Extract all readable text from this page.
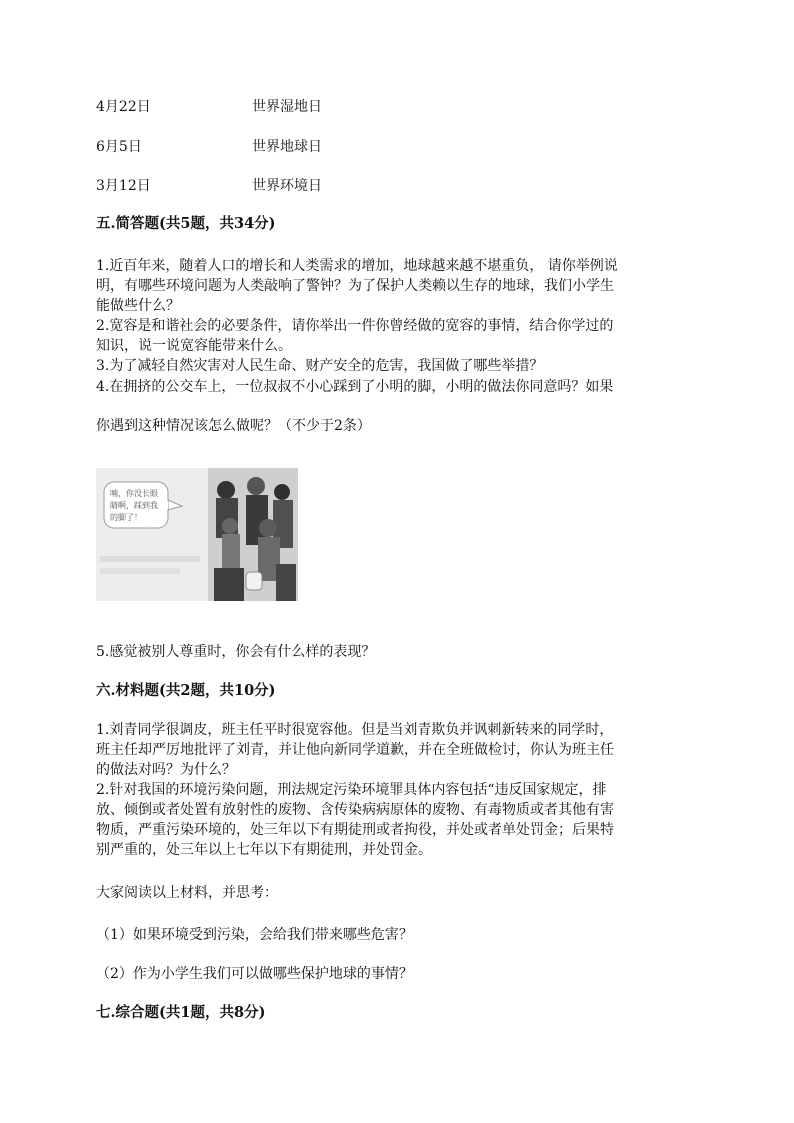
4月22日	世界湿地日
6月5日	世界地球日
3月12日	世界环境日
五.简答题(共5题，共34分)
1.近百年来，随着人口的增长和人类需求的增加，地球越来越不堪重负， 请你举例说
明，有哪些环境问题为人类敲响了警钟？为了保护人类赖以生存的地球，我们小学生
能做些什么？
2.宽容是和谐社会的必要条件，请你举出一件你曾经做的宽容的事情，结合你学过的
知识，说一说宽容能带来什么。
3.为了减轻自然灾害对人民生命、财产安全的危害，我国做了哪些举措？
4.在拥挤的公交车上，一位叔叔不小心踩到了小明的脚，小明的做法你同意吗？如果
你遇到这种情况该怎么做呢？（不少于2条）
喃，你没长眼
睛啊，踩到我
的脚了！
5.感觉被别人尊重时，你会有什么样的表现？
六.材料题(共2题，共10分)
1.刘青同学很调皮，班主任平时很宽容他。但是当刘青欺负并讽刺新转来的同学时，
班主任却严厉地批评了刘青，并让他向新同学道歉，并在全班做检讨，你认为班主任
的做法对吗？为什么？
2.针对我国的环境污染问题，刑法规定污染环境罪具体内容包括“违反国家规定，排
放、倾倒或者处置有放射性的废物、含传染病病原体的废物、有毒物质或者其他有害
物质，严重污染环境的，处三年以下有期徒刑或者拘役，并处或者单处罚金；后果特
别严重的，处三年以上七年以下有期徒刑，并处罚金。
大家阅读以上材料，并思考：
（1）如果环境受到污染，会给我们带来哪些危害？
（2）作为小学生我们可以做哪些保护地球的事情？
七.综合题(共1题，共8分)
